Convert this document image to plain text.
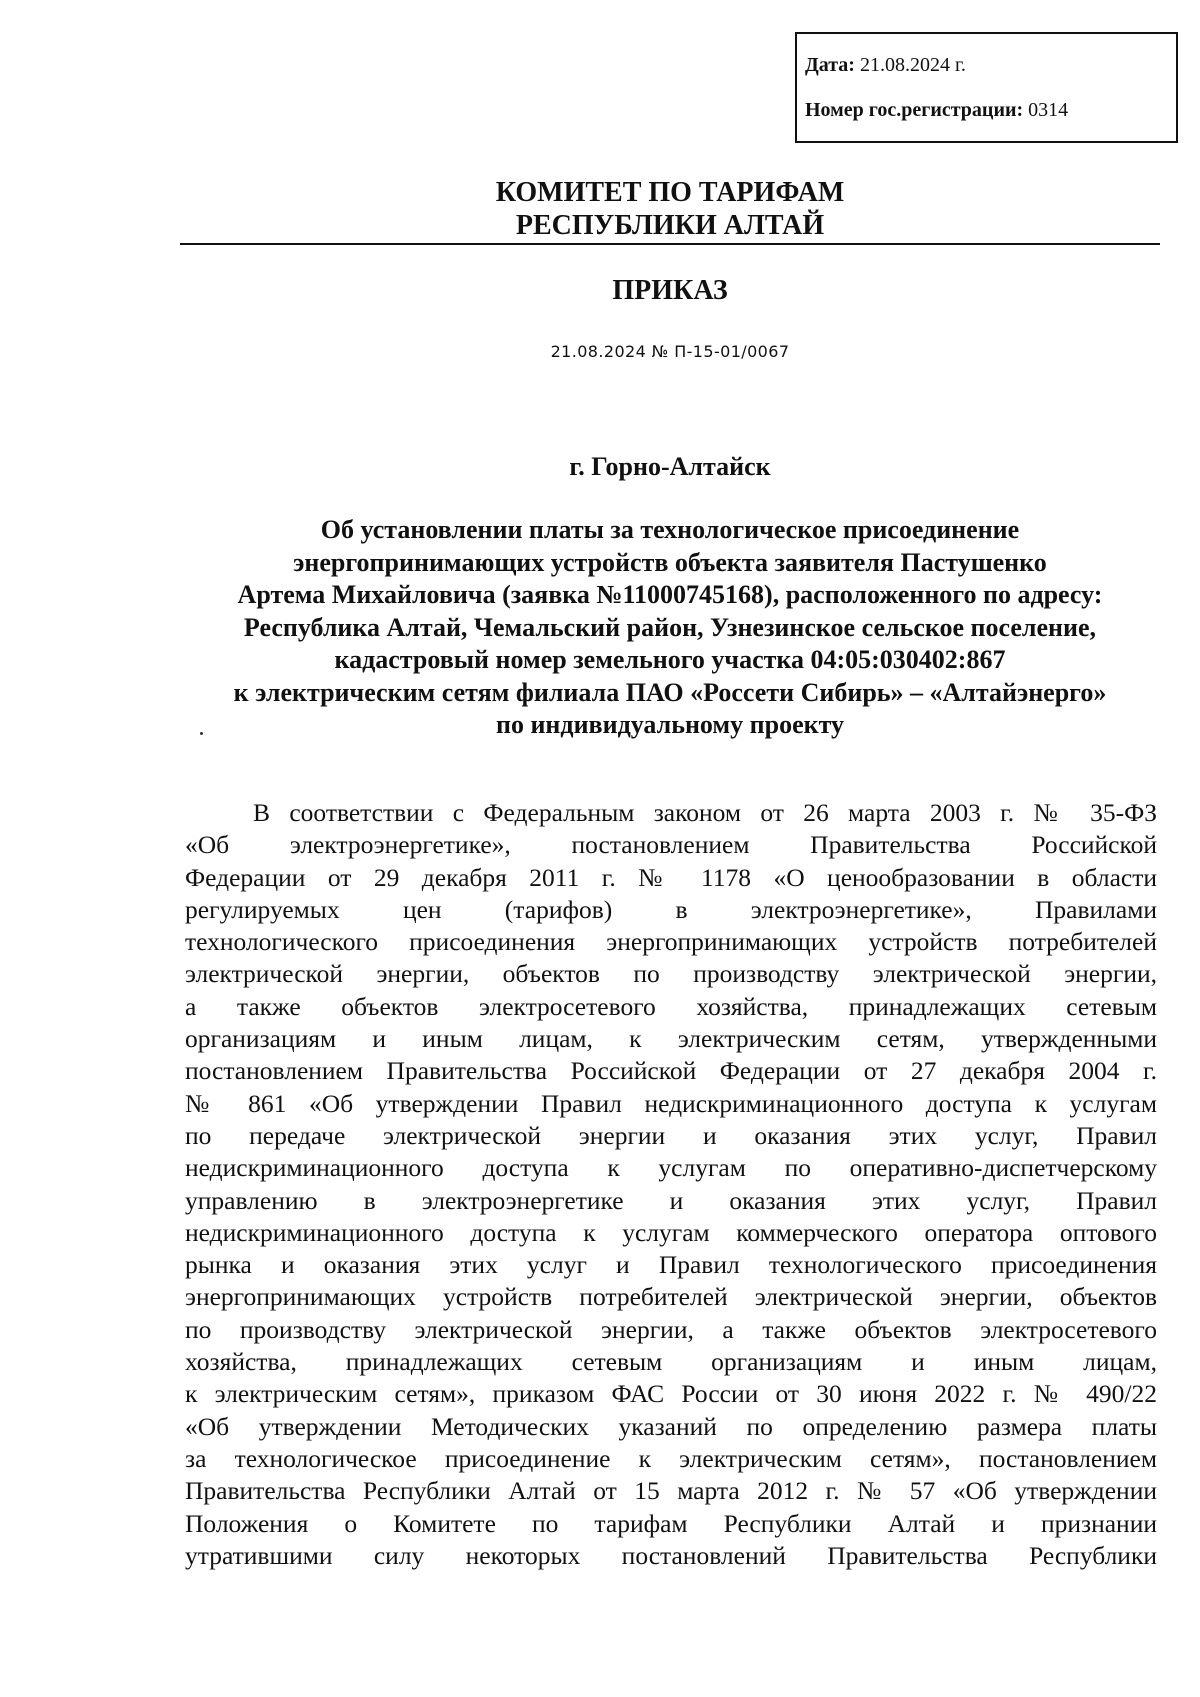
Дата: 21.08.2024 г.
Номер гос.регистрации: 0314
КОМИТЕТ ПО ТАРИФАМ
РЕСПУБЛИКИ АЛТАЙ
ПРИКАЗ
21.08.2024 № П-15-01/0067
г. Горно-Алтайск
Об установлении платы за технологическое присоединение
энергопринимающих устройств объекта заявителя Пастушенко
Артема Михайловича (заявка №11000745168), расположенного по адресу:
Республика Алтай, Чемальский район, Узнезинское сельское поселение,
кадастровый номер земельного участка 04:05:030402:867
к электрическим сетям филиала ПАО «Россети Сибирь» – «Алтайэнерго»
по индивидуальному проекту
В соответствии с Федеральным законом от 26 марта 2003 г. № 35-ФЗ
«Об электроэнергетике», постановлением Правительства Российской
Федерации от 29 декабря 2011 г. № 1178 «О ценообразовании в области
регулируемых цен (тарифов) в электроэнергетике», Правилами
технологического присоединения энергопринимающих устройств потребителей
электрической энергии, объектов по производству электрической энергии,
а также объектов электросетевого хозяйства, принадлежащих сетевым
организациям и иным лицам, к электрическим сетям, утвержденными
постановлением Правительства Российской Федерации от 27 декабря 2004 г.
№ 861 «Об утверждении Правил недискриминационного доступа к услугам
по передаче электрической энергии и оказания этих услуг, Правил
недискриминационного доступа к услугам по оперативно-диспетчерскому
управлению в электроэнергетике и оказания этих услуг, Правил
недискриминационного доступа к услугам коммерческого оператора оптового
рынка и оказания этих услуг и Правил технологического присоединения
энергопринимающих устройств потребителей электрической энергии, объектов
по производству электрической энергии, а также объектов электросетевого
хозяйства, принадлежащих сетевым организациям и иным лицам,
к электрическим сетям», приказом ФАС России от 30 июня 2022 г. № 490/22
«Об утверждении Методических указаний по определению размера платы
за технологическое присоединение к электрическим сетям», постановлением
Правительства Республики Алтай от 15 марта 2012 г. № 57 «Об утверждении
Положения о Комитете по тарифам Республики Алтай и признании
утратившими силу некоторых постановлений Правительства Республики
